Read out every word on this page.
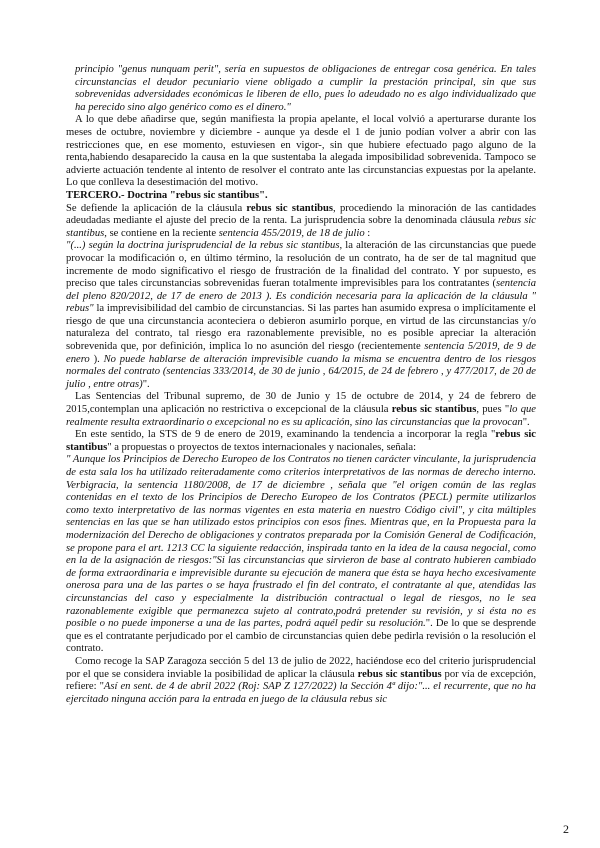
principio "genus nunquam perit", sería en supuestos de obligaciones de entregar cosa genérica. En tales circunstancias el deudor pecuniario viene obligado a cumplir la prestación principal, sin que sus sobrevenidas adversidades económicas le liberen de ello, pues lo adeudado no es algo individualizado que ha perecido sino algo genérico como es el dinero."

A lo que debe añadirse que, según manifiesta la propia apelante, el local volvió a aperturarse durante los meses de octubre, noviembre y diciembre - aunque ya desde el 1 de junio podían volver a abrir con las restricciones que, en ese momento, estuviesen en vigor-, sin que hubiere efectuado pago alguno de la renta,habiendo desaparecido la causa en la que sustentaba la alegada imposibilidad sobrevenida. Tampoco se advierte actuación tendente al intento de resolver el contrato ante las circunstancias expuestas por la apelante. Lo que conlleva la desestimación del motivo.

TERCERO.- Doctrina "rebus sic stantibus".

Se defiende la aplicación de la cláusula rebus sic stantibus, procediendo la minoración de las cantidades adeudadas mediante el ajuste del precio de la renta. La jurisprudencia sobre la denominada cláusula rebus sic stantibus, se contiene en la reciente sentencia 455/2019, de 18 de julio :

"(...) según la doctrina jurisprudencial de la rebus sic stantibus, la alteración de las circunstancias que puede provocar la modificación o, en último término, la resolución de un contrato, ha de ser de tal magnitud que incremente de modo significativo el riesgo de frustración de la finalidad del contrato. Y por supuesto, es preciso que tales circunstancias sobrevenidas fueran totalmente imprevisibles para los contratantes (sentencia del pleno 820/2012, de 17 de enero de 2013 ). Es condición necesaria para la aplicación de la cláusula " rebus" la imprevisibilidad del cambio de circunstancias. Si las partes han asumido expresa o implícitamente el riesgo de que una circunstancia aconteciera o debieron asumirlo porque, en virtud de las circunstancias y/o naturaleza del contrato, tal riesgo era razonablemente previsible, no es posible apreciar la alteración sobrevenida que, por definición, implica lo no asunción del riesgo (recientemente sentencia 5/2019, de 9 de enero ). No puede hablarse de alteración imprevisible cuando la misma se encuentra dentro de los riesgos normales del contrato (sentencias 333/2014, de 30 de junio , 64/2015, de 24 de febrero , y 477/2017, de 20 de julio , entre otras)".

Las Sentencias del Tribunal supremo, de 30 de Junio y 15 de octubre de 2014, y 24 de febrero de 2015,contemplan una aplicación no restrictiva o excepcional de la cláusula rebus sic stantibus, pues "lo que realmente resulta extraordinario o excepcional no es su aplicación, sino las circunstancias que la provocan".

En este sentido, la STS de 9 de enero de 2019, examinando la tendencia a incorporar la regla "rebus sic stantibus" a propuestas o proyectos de textos internacionales y nacionales, señala:

" Aunque los Principios de Derecho Europeo de los Contratos no tienen carácter vinculante, la jurisprudencia de esta sala los ha utilizado reiteradamente como criterios interpretativos de las normas de derecho interno. Verbigracia, la sentencia 1180/2008, de 17 de diciembre , señala que "el origen común de las reglas contenidas en el texto de los Principios de Derecho Europeo de los Contratos (PECL) permite utilizarlos como texto interpretativo de las normas vigentes en esta materia en nuestro Código civil", y cita múltiples sentencias en las que se han utilizado estos principios con esos fines. Mientras que, en la Propuesta para la modernización del Derecho de obligaciones y contratos preparada por la Comisión General de Codificación, se propone para el art. 1213 CC la siguiente redacción, inspirada tanto en la idea de la causa negocial, como en la de la asignación de riesgos:"Si las circunstancias que sirvieron de base al contrato hubieren cambiado de forma extraordinaria e imprevisible durante su ejecución de manera que ésta se haya hecho excesivamente onerosa para una de las partes o se haya frustrado el fin del contrato, el contratante al que, atendidas las circunstancias del caso y especialmente la distribución contractual o legal de riesgos, no le sea razonablemente exigible que permanezca sujeto al contrato,podrá pretender su revisión, y si ésta no es posible o no puede imponerse a una de las partes, podrá aquél pedir su resolución.". De lo que se desprende que es el contratante perjudicado por el cambio de circunstancias quien debe pedirla revisión o la resolución el contrato.

Como recoge la SAP Zaragoza sección 5 del 13 de julio de 2022, haciéndose eco del criterio jurisprudencial por el que se considera inviable la posibilidad de aplicar la cláusula rebus sic stantibus por vía de excepción, refiere: "Así en sent. de 4 de abril 2022 (Roj: SAP Z 127/2022) la Sección 4ª dijo:"... el recurrente, que no ha ejercitado ninguna acción para la entrada en juego de la cláusula rebus sic

2
